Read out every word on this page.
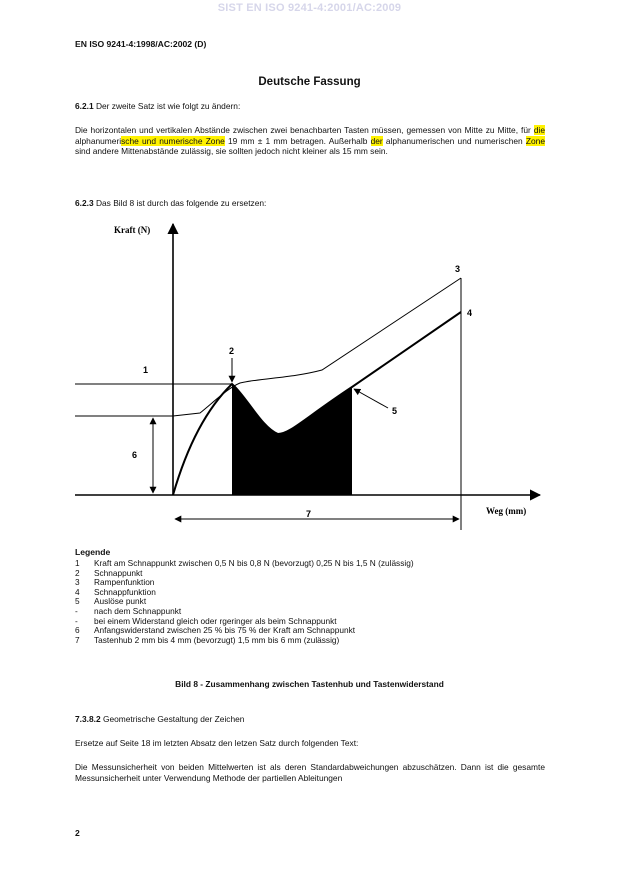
SIST EN ISO 9241-4:2001/AC:2009
EN ISO 9241-4:1998/AC:2002 (D)
Deutsche Fassung
6.2.1 Der zweite Satz ist wie folgt zu ändern:
Die horizontalen und vertikalen Abstände zwischen zwei benachbarten Tasten müssen, gemessen von Mitte zu Mitte, für die alphanumerische und numerische Zone 19 mm ± 1 mm betragen. Außerhalb der alphanumerischen und numerischen Zone sind andere Mittenabstände zulässig, sie sollten jedoch nicht kleiner als 15 mm sein.
6.2.3 Das Bild 8 ist durch das folgende zu ersetzen:
Kraft (N)
Weg (mm)
1
2
3
4
5
6
7
Legende
1	Kraft am Schnappunkt zwischen 0,5 N bis 0,8 N (bevorzugt) 0,25 N bis 1,5 N (zulässig)
2	Schnappunkt
3	Rampenfunktion
4	Schnappfunktion
5	Auslöse punkt
-	nach dem Schnappunkt
-	bei einem Widerstand gleich oder rgeringer als beim Schnappunkt
6	Anfangswiderstand zwischen 25 % bis 75 % der Kraft am Schnappunkt
7	Tastenhub 2 mm bis 4 mm (bevorzugt) 1,5 mm bis 6 mm (zulässig)
Bild 8 - Zusammenhang zwischen Tastenhub und Tastenwiderstand
7.3.8.2 Geometrische Gestaltung der Zeichen
Ersetze auf Seite 18 im letzten Absatz den letzen Satz durch folgenden Text:
Die Messunsicherheit von beiden Mittelwerten ist als deren Standardabweichungen abzuschätzen. Dann ist die gesamte Messunsicherheit unter Verwendung Methode der partiellen Ableitungen
2
